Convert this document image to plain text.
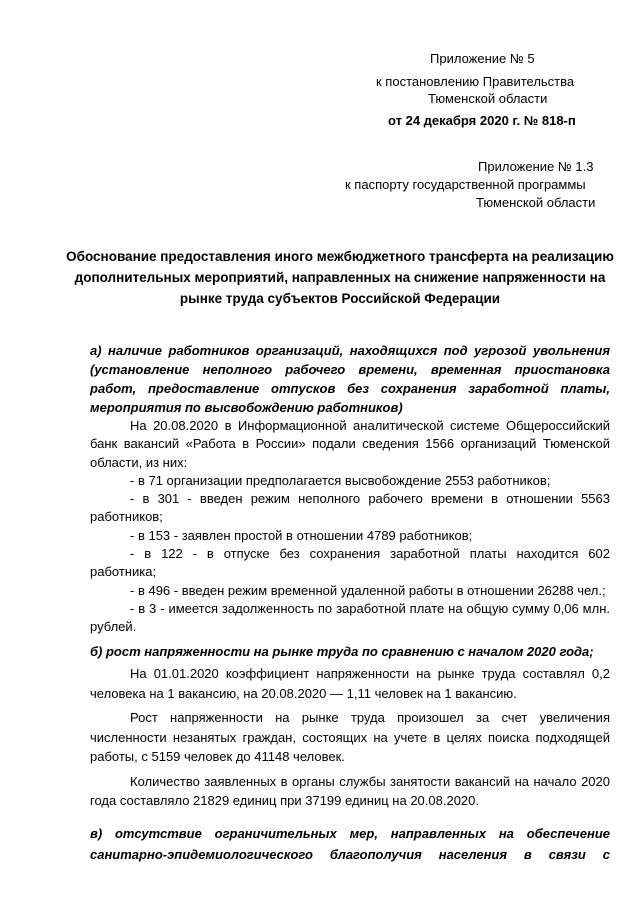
Приложение № 5
к постановлению Правительства
Тюменской области
от 24 декабря 2020 г. № 818-п
Приложение № 1.3
к паспорту государственной программы
Тюменской области
Обоснование предоставления иного межбюджетного трансферта на реализацию дополнительных мероприятий, направленных на снижение напряженности на рынке труда субъектов Российской Федерации

а) наличие работников организаций, находящихся под угрозой увольнения (установление неполного рабочего времени, временная приостановка работ, предоставление отпусков без сохранения заработной платы, мероприятия по высвобождению работников)

На 20.08.2020 в Информационной аналитической системе Общероссийский банк вакансий «Работа в России» подали сведения 1566 организаций Тюменской области, из них:

- в 71 организации предполагается высвобождение 2553 работников;

- в 301 - введен режим неполного рабочего времени в отношении 5563 работников;

- в 153 - заявлен простой в отношении 4789 работников;

- в 122 - в отпуске без сохранения заработной платы находится 602 работника;

- в 496 - введен режим временной удаленной работы в отношении 26288 чел.;

- в 3 - имеется задолженность по заработной плате на общую сумму 0,06 млн. рублей.

б) рост напряженности на рынке труда по сравнению с началом 2020 года;

На 01.01.2020 коэффициент напряженности на рынке труда составлял 0,2 человека на 1 вакансию, на 20.08.2020 — 1,11 человек на 1 вакансию.

Рост напряженности на рынке труда произошел за счет увеличения численности незанятых граждан, состоящих на учете в целях поиска подходящей работы, с 5159 человек до 41148 человек.

Количество заявленных в органы службы занятости вакансий на начало 2020 года составляло 21829 единиц при 37199 единиц на 20.08.2020.

в) отсутствие ограничительных мер, направленных на обеспечение санитарно-эпидемиологического благополучия населения в связи с
